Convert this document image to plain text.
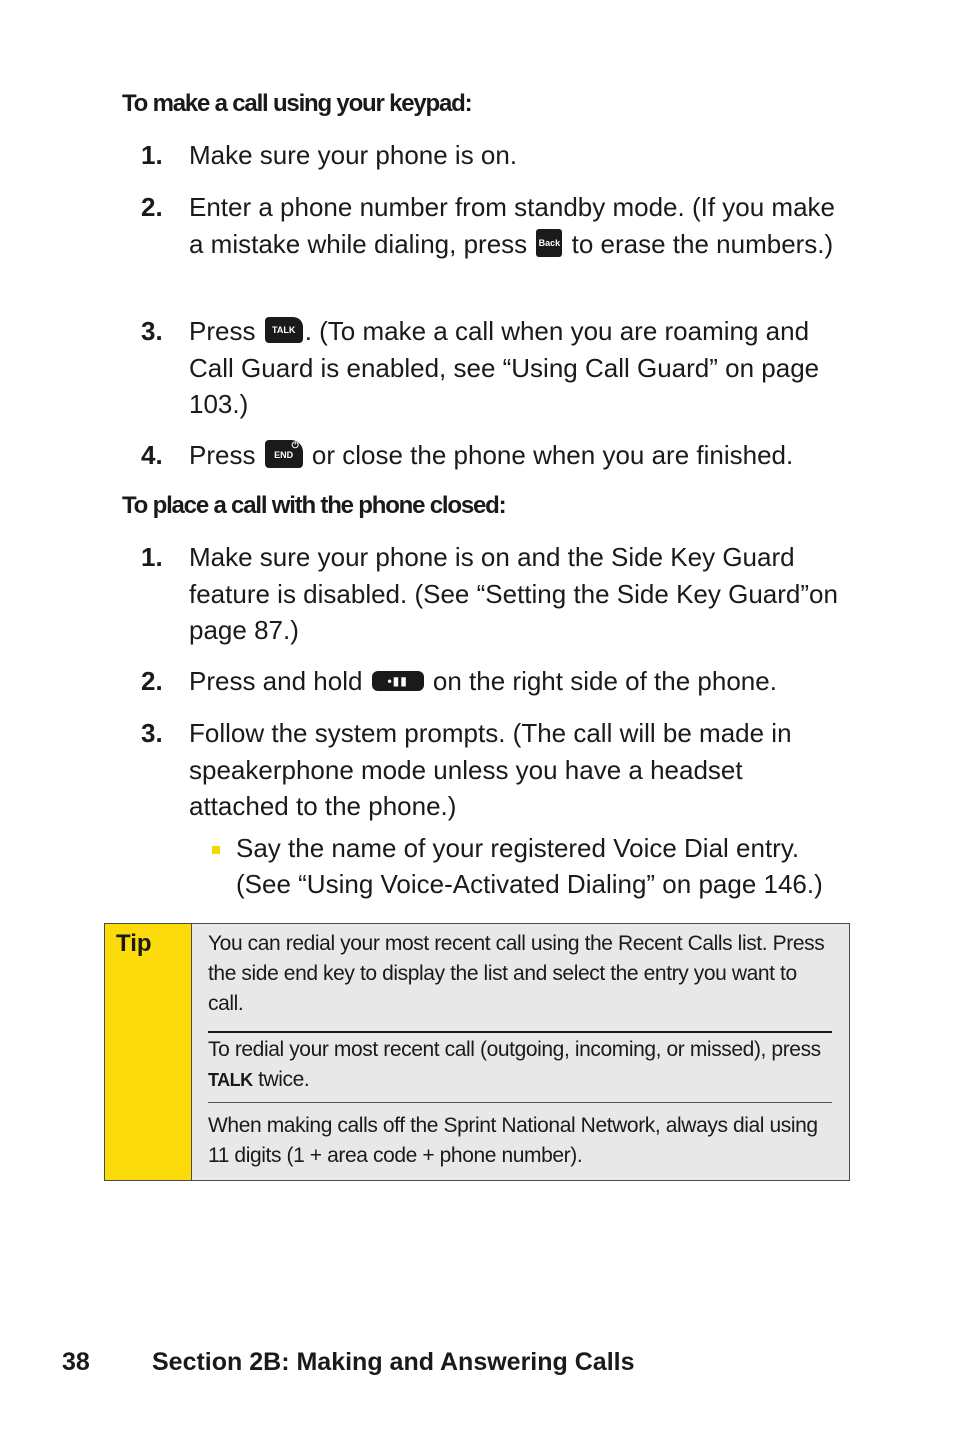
To make a call using your keypad:
1. Make sure your phone is on.
2. Enter a phone number from standby mode. (If you make a mistake while dialing, press Back to erase the numbers.)
3. Press TALK . (To make a call when you are roaming and Call Guard is enabled, see “Using Call Guard” on page 103.)
4. Press END
⏻ or close the phone when you are finished.
To place a call with the phone closed:
1. Make sure your phone is on and the Side Key Guard feature is disabled. (See “Setting the Side Key Guard”on page 87.)
2. Press and hold •▮▮ on the right side of the phone.
3. Follow the system prompts. (The call will be made in speakerphone mode unless you have a headset attached to the phone.)
Say the name of your registered Voice Dial entry. (See “Using Voice-Activated Dialing” on page 146.)
Tip	You can redial your most recent call using the Recent Calls list. Press the side end key to display the list and select the entry you want to call.
To redial your most recent call (outgoing, incoming, or missed), press TALK twice.
When making calls off the Sprint National Network, always dial using 11 digits (1 + area code + phone number).
38 Section 2B: Making and Answering Calls
